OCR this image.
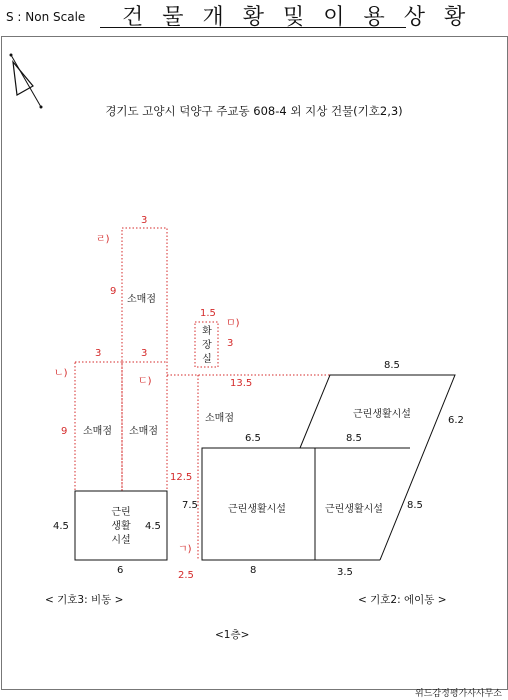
S : Non Scale 건 물 개 황 및 이 용 상 황
경기도 고양시 덕양구 주교동 608-4 외 지상 건물(기호2,3)
소매점
화장실
소매점 소매점
소매점	근린생활시설
근린생활시설
근린생활시설	근린생활시설
ㄹ)
ㄴ)
ㄷ)
ㅁ)
ㄱ)
3
9
3	3
9
1.5
3
13.5
12.5
2.5
6
4.5	4.5
7.5
6.5
8
8.5
8.5
6.2
8.5
3.5
< 기호3: 비동 >	< 기호2: 에이동 >
<1층>
위드감정평가사사무소
